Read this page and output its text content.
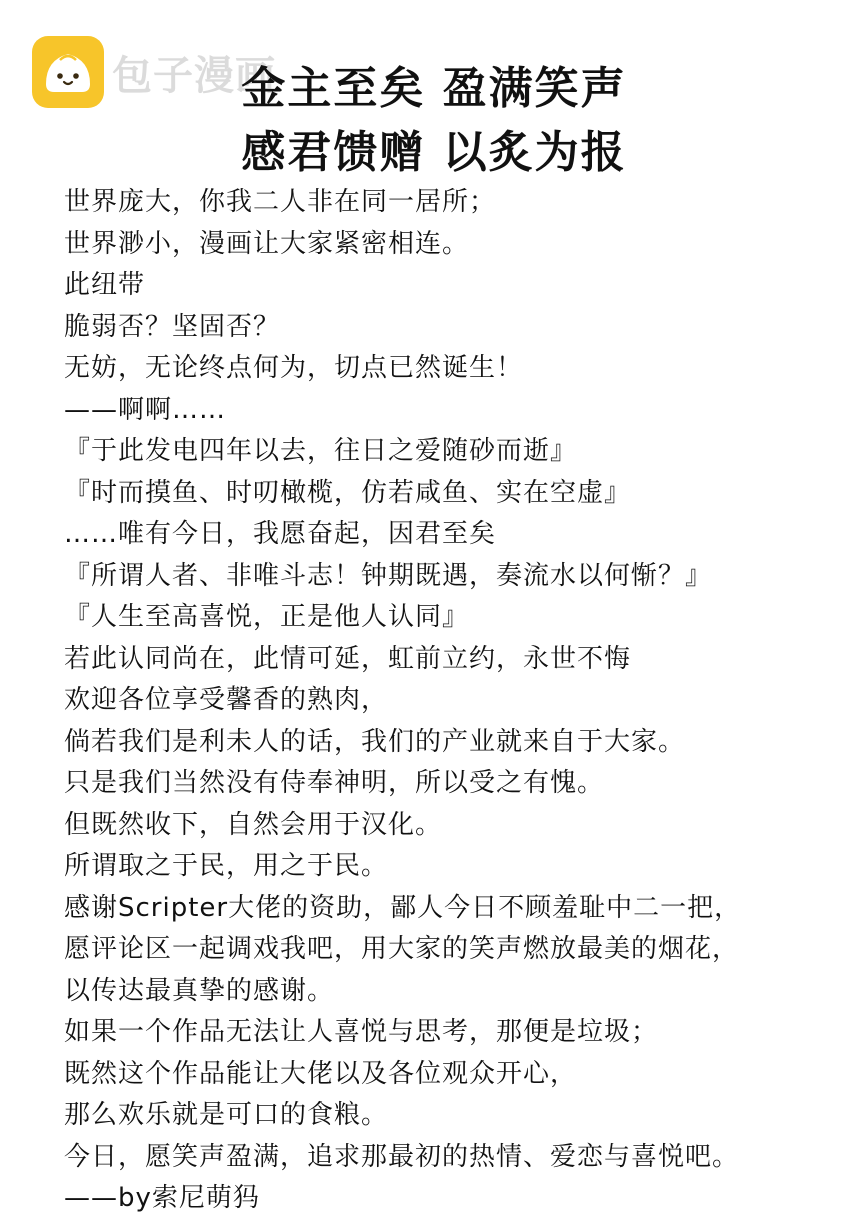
包子漫画
金主至矣 盈满笑声
感君馈赠 以炙为报
世界庞大，你我二人非在同一居所；
世界渺小，漫画让大家紧密相连。
此纽带
脆弱否？坚固否？
无妨，无论终点何为，切点已然诞生！
——啊啊……
『于此发电四年以去，往日之爱随砂而逝』
『时而摸鱼、时叨橄榄，仿若咸鱼、实在空虚』
……唯有今日，我愿奋起，因君至矣
『所谓人者、非唯斗志！钟期既遇，奏流水以何惭？』
『人生至高喜悦，正是他人认同』
若此认同尚在，此情可延，虹前立约，永世不悔
欢迎各位享受馨香的熟肉，
倘若我们是利未人的话，我们的产业就来自于大家。
只是我们当然没有侍奉神明，所以受之有愧。
但既然收下，自然会用于汉化。
所谓取之于民，用之于民。
感谢Scripter大佬的资助，鄙人今日不顾羞耻中二一把，
愿评论区一起调戏我吧，用大家的笑声燃放最美的烟花，
以传达最真挚的感谢。
如果一个作品无法让人喜悦与思考，那便是垃圾；
既然这个作品能让大佬以及各位观众开心，
那么欢乐就是可口的食粮。
今日，愿笑声盈满，追求那最初的热情、爱恋与喜悦吧。
——by索尼萌犸
